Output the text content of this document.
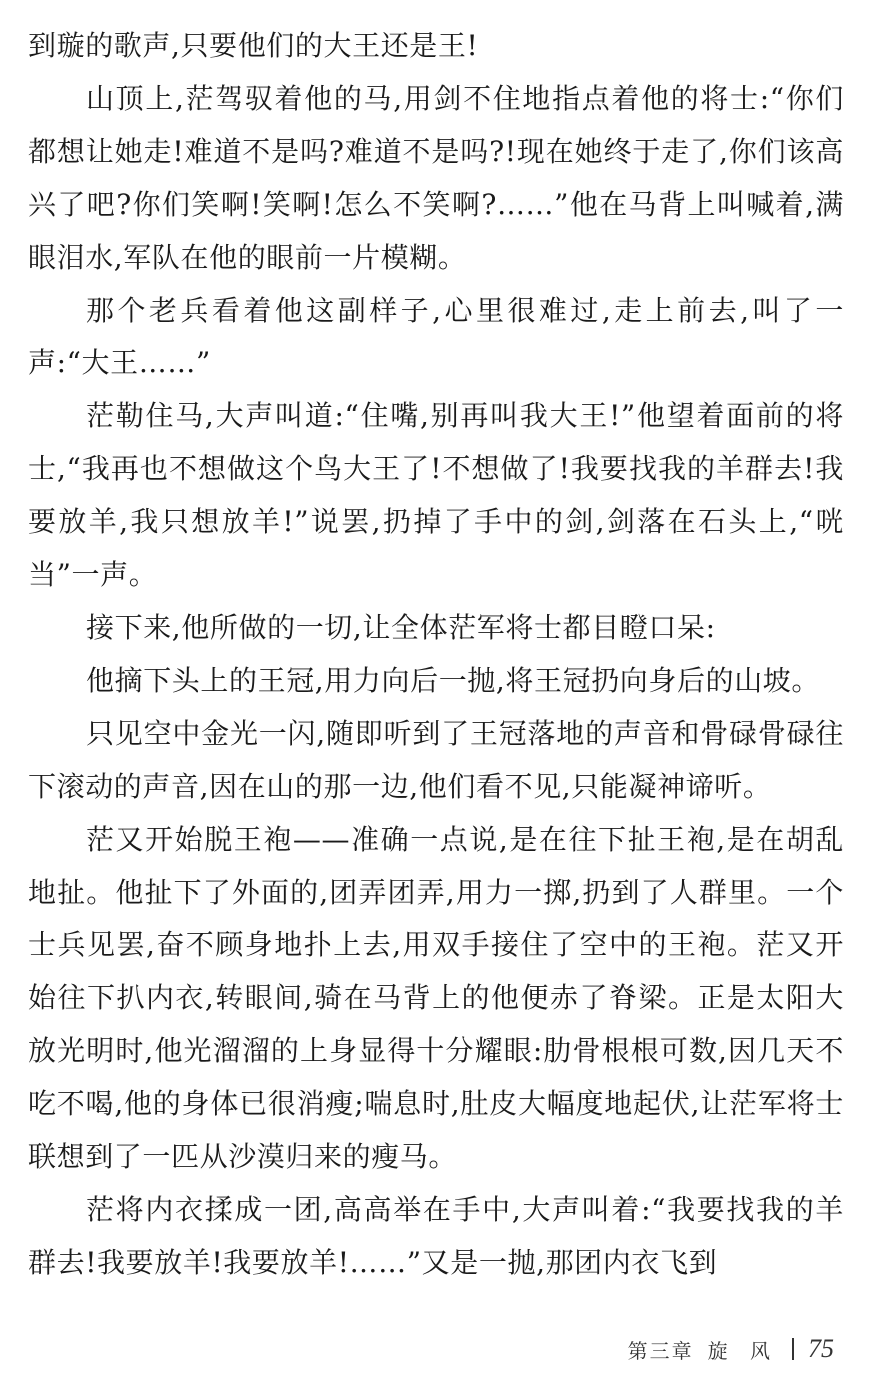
到璇的歌声,只要他们的大王还是王!

山顶上,茫驾驭着他的马,用剑不住地指点着他的将士:“你们都想让她走!难道不是吗?难道不是吗?!现在她终于走了,你们该高兴了吧?你们笑啊!笑啊!怎么不笑啊?……”他在马背上叫喊着,满眼泪水,军队在他的眼前一片模糊。

那个老兵看着他这副样子,心里很难过,走上前去,叫了一声:“大王……”

茫勒住马,大声叫道:“住嘴,别再叫我大王!”他望着面前的将士,“我再也不想做这个鸟大王了!不想做了!我要找我的羊群去!我要放羊,我只想放羊!”说罢,扔掉了手中的剑,剑落在石头上,“咣当”一声。

接下来,他所做的一切,让全体茫军将士都目瞪口呆:

他摘下头上的王冠,用力向后一抛,将王冠扔向身后的山坡。

只见空中金光一闪,随即听到了王冠落地的声音和骨碌骨碌往下滚动的声音,因在山的那一边,他们看不见,只能凝神谛听。

茫又开始脱王袍——准确一点说,是在往下扯王袍,是在胡乱地扯。他扯下了外面的,团弄团弄,用力一掷,扔到了人群里。一个士兵见罢,奋不顾身地扑上去,用双手接住了空中的王袍。茫又开始往下扒内衣,转眼间,骑在马背上的他便赤了脊梁。正是太阳大放光明时,他光溜溜的上身显得十分耀眼:肋骨根根可数,因几天不吃不喝,他的身体已很消瘦;喘息时,肚皮大幅度地起伏,让茫军将士联想到了一匹从沙漠归来的瘦马。

茫将内衣揉成一团,高高举在手中,大声叫着:“我要找我的羊群去!我要放羊!我要放羊!……”又是一抛,那团内衣飞到

第三章 旋 风 75
